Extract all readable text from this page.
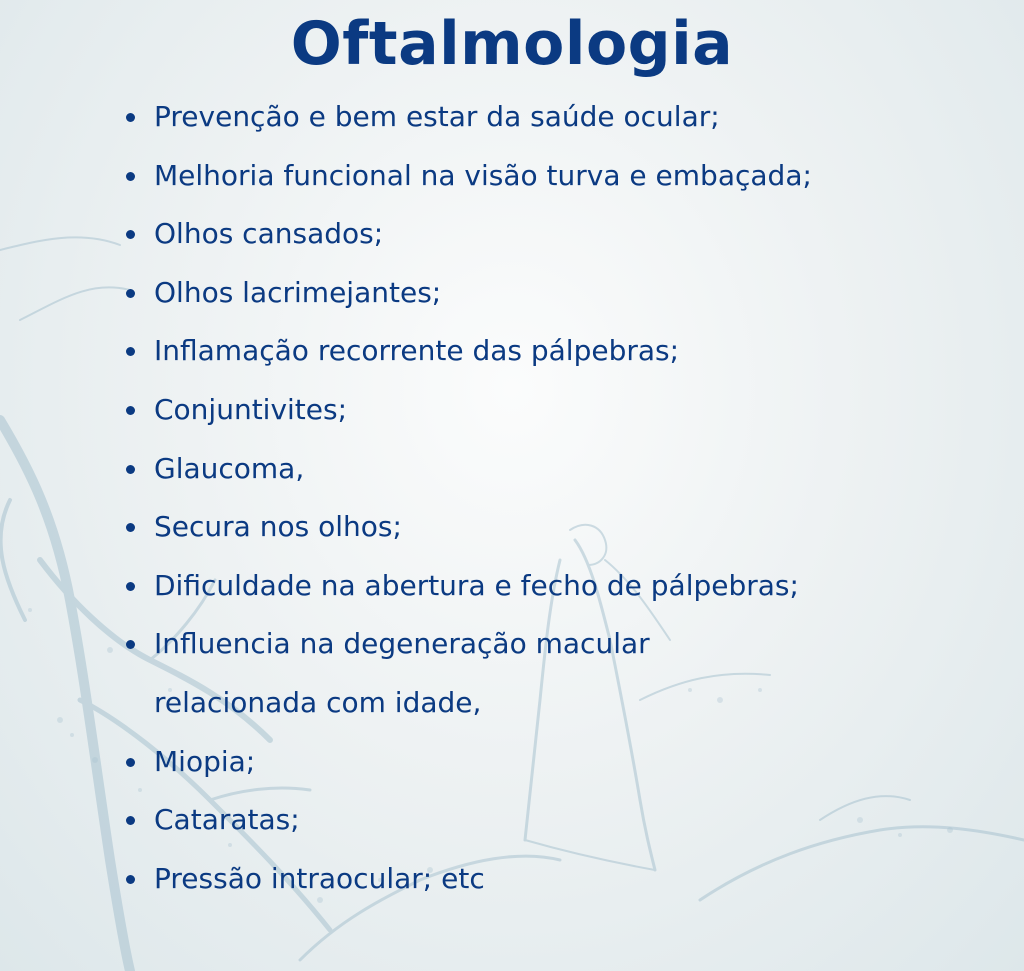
Oftalmologia
Prevenção e bem estar da saúde ocular;
Melhoria funcional na visão turva e embaçada;
Olhos cansados;
Olhos lacrimejantes;
Inflamação recorrente das pálpebras;
Conjuntivites;
Glaucoma,
Secura nos olhos;
Dificuldade na abertura e fecho de pálpebras;
Influencia na degeneração macular
relacionada com idade,
Miopia;
Cataratas;
Pressão intraocular; etc
